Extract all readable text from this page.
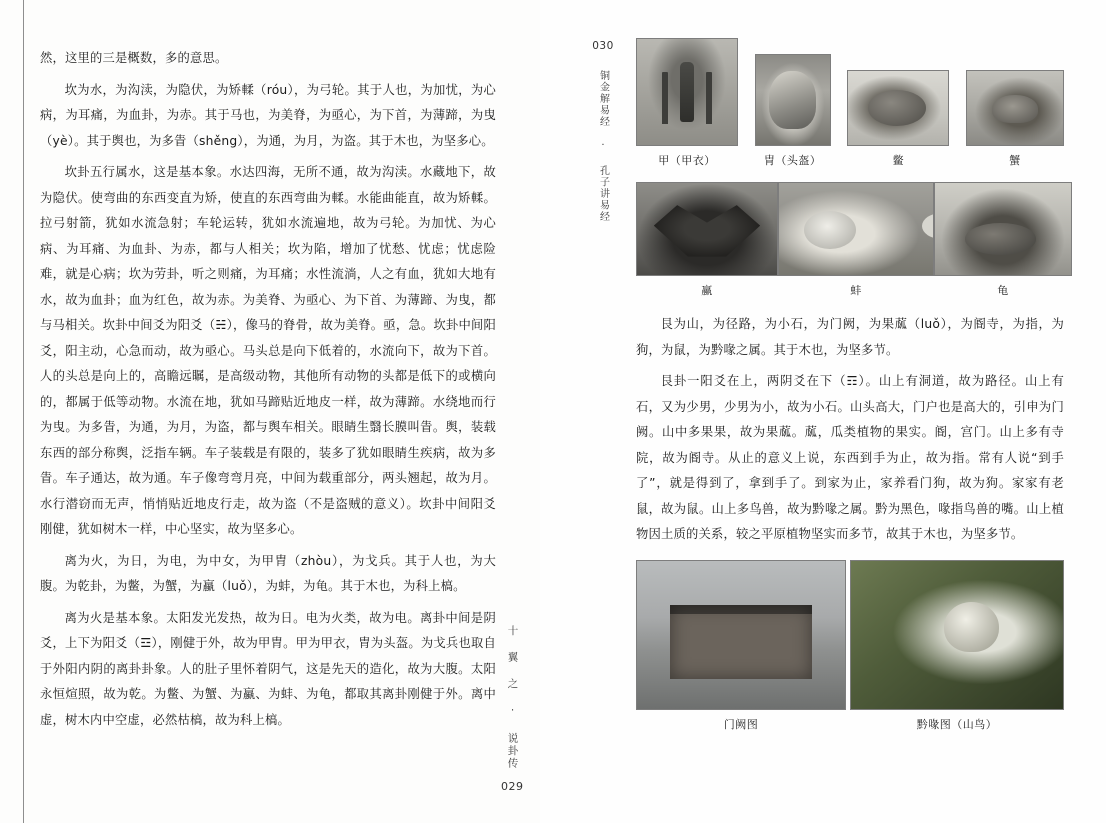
然，这里的三是概数，多的意思。

坎为水，为沟渎，为隐伏，为矫輮（róu），为弓轮。其于人也，为加忧，为心病，为耳痛，为血卦，为赤。其于马也，为美脊，为亟心，为下首，为薄蹄，为曳（yè）。其于舆也，为多眚（shěng），为通，为月，为盗。其于木也，为坚多心。

坎卦五行属水，这是基本象。水达四海，无所不通，故为沟渎。水藏地下，故为隐伏。使弯曲的东西变直为矫，使直的东西弯曲为輮。水能曲能直，故为矫輮。拉弓射箭，犹如水流急射；车轮运转，犹如水流遍地，故为弓轮。为加忧、为心病、为耳痛、为血卦、为赤，都与人相关；坎为陷，增加了忧愁、忧虑；忧虑险难，就是心病；坎为劳卦，听之则痛，为耳痛；水性流淌，人之有血，犹如大地有水，故为血卦；血为红色，故为赤。为美脊、为亟心、为下首、为薄蹄、为曳，都与马相关。坎卦中间爻为阳爻（☵），像马的脊骨，故为美脊。亟，急。坎卦中间阳爻，阳主动，心急而动，故为亟心。马头总是向下低着的，水流向下，故为下首。人的头总是向上的，高瞻远瞩，是高级动物，其他所有动物的头都是低下的或横向的，都属于低等动物。水流在地，犹如马蹄贴近地皮一样，故为薄蹄。水绕地而行为曳。为多眚，为通，为月，为盗，都与舆车相关。眼睛生翳长膜叫眚。舆，装载东西的部分称舆，泛指车辆。车子装载是有限的，装多了犹如眼睛生疾病，故为多眚。车子通达，故为通。车子像弯弯月亮，中间为载重部分，两头翘起，故为月。水行潜窃而无声，悄悄贴近地皮行走，故为盗（不是盗贼的意义）。坎卦中间阳爻刚健，犹如树木一样，中心坚实，故为坚多心。

离为火，为日，为电，为中女，为甲胄（zhòu），为戈兵。其于人也，为大腹。为乾卦，为鳖，为蟹，为蠃（luǒ），为蚌，为龟。其于木也，为科上槁。

离为火是基本象。太阳发光发热，故为日。电为火类，故为电。离卦中间是阴爻，上下为阳爻（☲），刚健于外，故为甲胄。甲为甲衣，胄为头盔。为戈兵也取自于外阳内阴的离卦卦象。人的肚子里怀着阴气，这是先天的造化，故为大腹。太阳永恒煊照，故为乾。为鳖、为蟹、为蠃、为蚌、为龟，都取其离卦刚健于外。离中虚，树木内中空虚，必然枯槁，故为科上槁。	十 翼 之 · 说卦传
029
030
铜金解易经 · 孔子讲易经	甲（甲衣）	胄（头盔）	鳖	蟹
蠃	蚌	龟

艮为山，为径路，为小石，为门阙，为果蓏（luǒ），为阍寺，为指，为狗，为鼠，为黔喙之属。其于木也，为坚多节。

艮卦一阳爻在上，两阴爻在下（☶）。山上有洞道，故为路径。山上有石，又为少男，少男为小，故为小石。山头高大，门户也是高大的，引申为门阙。山中多果果，故为果蓏。蓏，瓜类植物的果实。阍，宫门。山上多有寺院，故为阍寺。从止的意义上说，东西到手为止，故为指。常有人说“到手了”，就是得到了，拿到手了。到家为止，家养看门狗，故为狗。家家有老鼠，故为鼠。山上多鸟兽，故为黔喙之属。黔为黑色，喙指鸟兽的嘴。山上植物因土质的关系，较之平原植物坚实而多节，故其于木也，为坚多节。

门阙图	黔喙图（山鸟）
